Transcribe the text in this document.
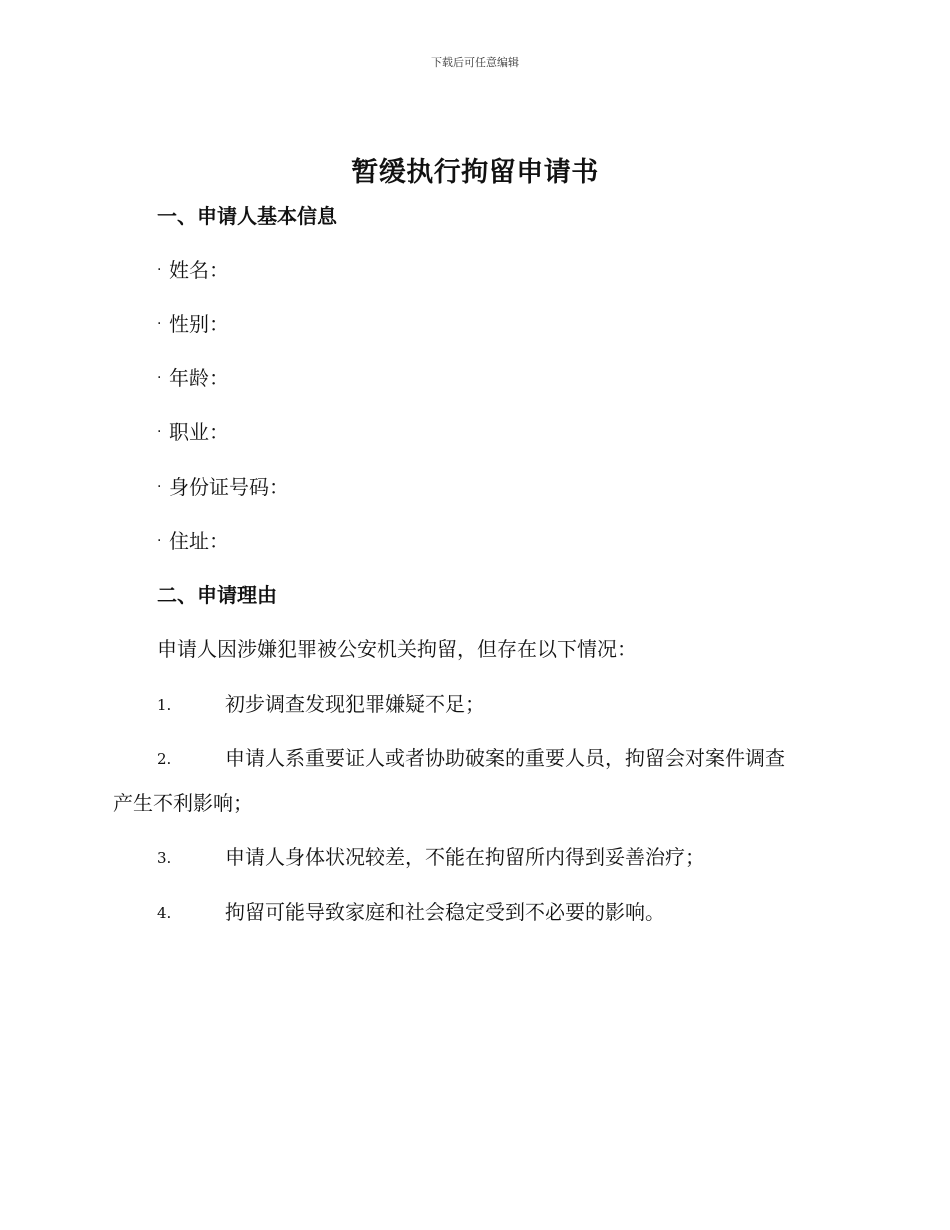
下载后可任意编辑
暂缓执行拘留申请书
一、申请人基本信息
· 姓名：
· 性别：
· 年龄：
· 职业：
· 身份证号码：
· 住址：
二、申请理由
申请人因涉嫌犯罪被公安机关拘留，但存在以下情况：
1.	初步调查发现犯罪嫌疑不足；
2.	申请人系重要证人或者协助破案的重要人员，拘留会对案件调查
产生不利影响；
3.	申请人身体状况较差，不能在拘留所内得到妥善治疗；
4.	拘留可能导致家庭和社会稳定受到不必要的影响。
